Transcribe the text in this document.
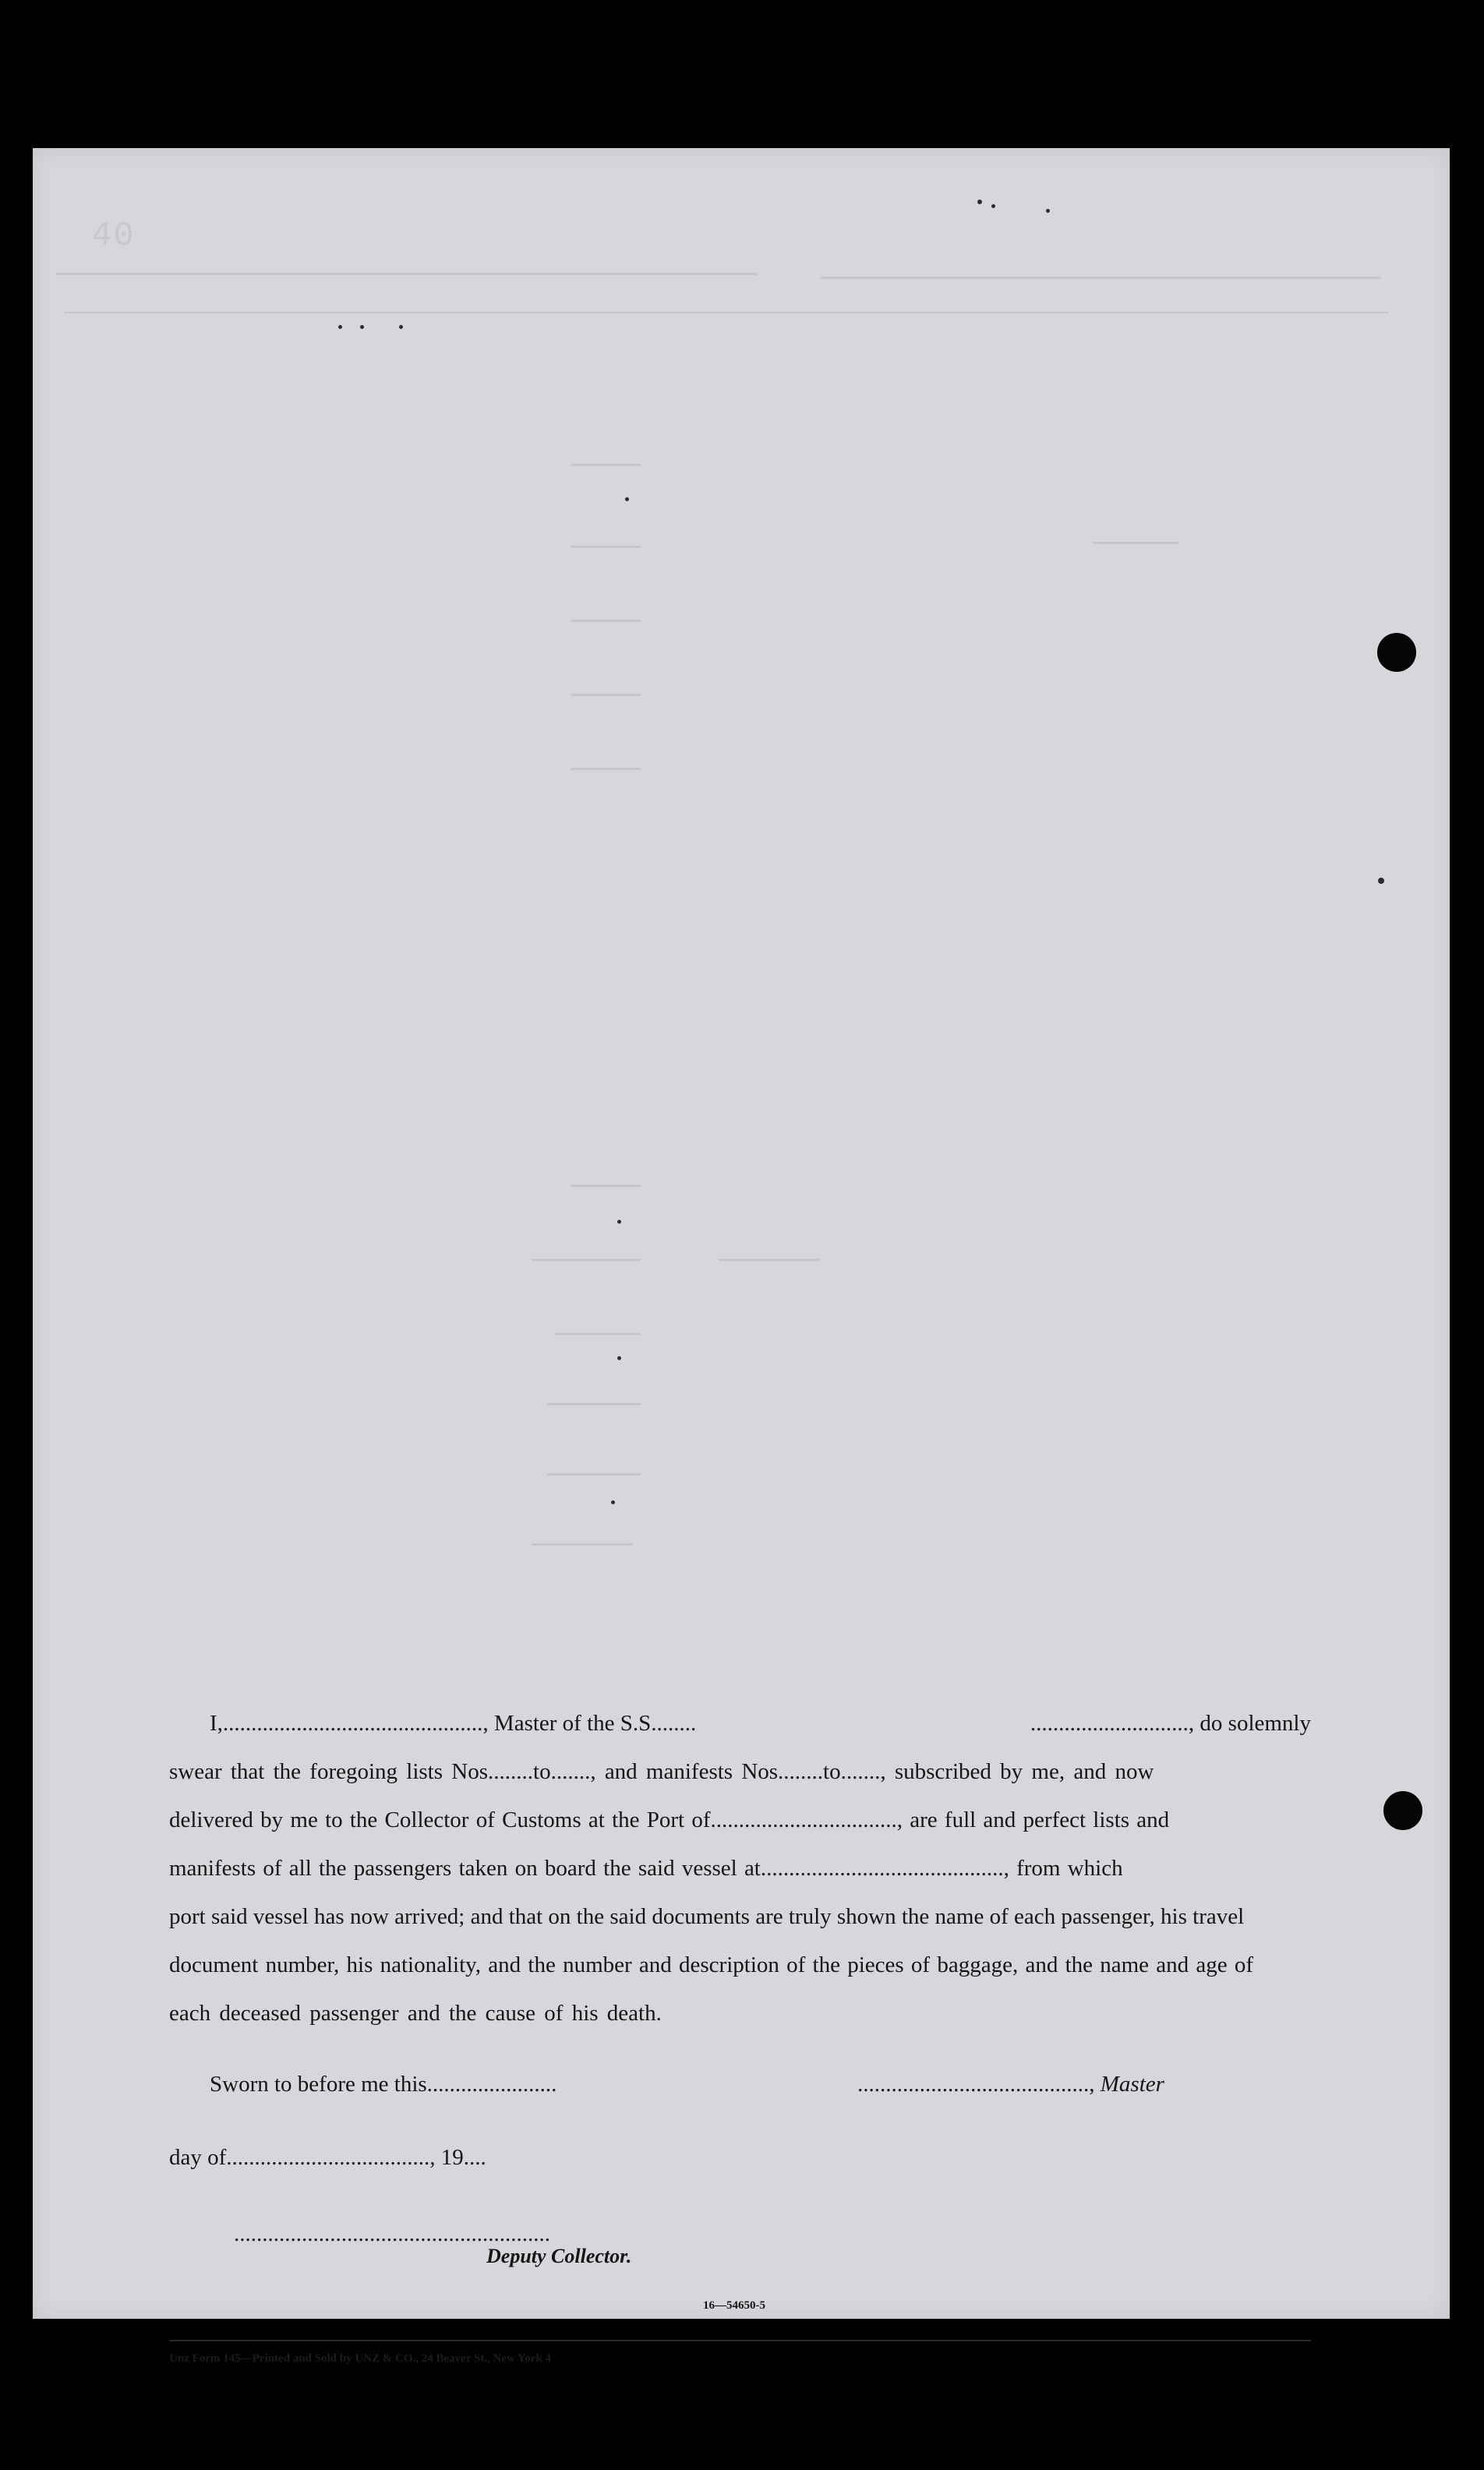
40
I,.............................................., Master of the S.S........	............................, do solemnly
swear that the foregoing lists Nos........to......., and manifests Nos........to......., subscribed by me, and now
delivered by me to the Collector of Customs at the Port of................................., are full and perfect lists and
manifests of all the passengers taken on board the said vessel at..........................................., from which
port said vessel has now arrived; and that on the said documents are truly shown the name of each passenger, his travel
document number, his nationality, and the number and description of the pieces of baggage, and the name and age of
each deceased passenger and the cause of his death.
Sworn to before me this.......................	........................................., Master
day of...................................., 19....
........................................................
Deputy Collector.
16—54650-5
Unz Form 145—Printed and Sold by UNZ & CO., 24 Beaver St., New York 4
